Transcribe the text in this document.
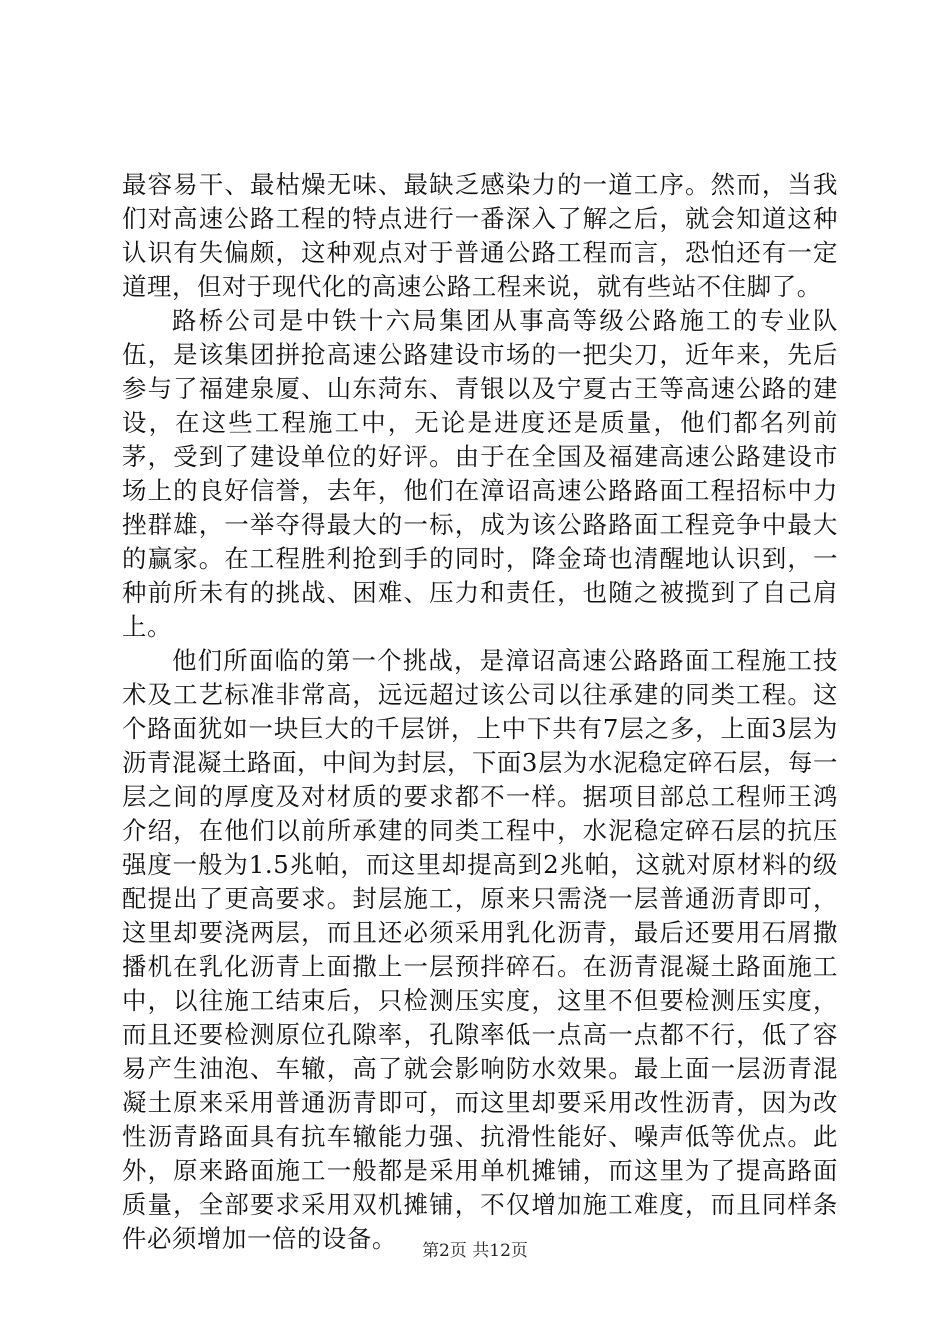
最容易干、最枯燥无味、最缺乏感染力的一道工序。然而，当我们对高速公路工程的特点进行一番深入了解之后，就会知道这种认识有失偏颇，这种观点对于普通公路工程而言，恐怕还有一定道理，但对于现代化的高速公路工程来说，就有些站不住脚了。

路桥公司是中铁十六局集团从事高等级公路施工的专业队伍，是该集团拼抢高速公路建设市场的一把尖刀，近年来，先后参与了福建泉厦、山东菏东、青银以及宁夏古王等高速公路的建设，在这些工程施工中，无论是进度还是质量，他们都名列前茅，受到了建设单位的好评。由于在全国及福建高速公路建设市场上的良好信誉，去年，他们在漳诏高速公路路面工程招标中力挫群雄，一举夺得最大的一标，成为该公路路面工程竞争中最大的赢家。在工程胜利抢到手的同时，降金琦也清醒地认识到，一种前所未有的挑战、困难、压力和责任，也随之被揽到了自己肩上。

他们所面临的第一个挑战，是漳诏高速公路路面工程施工技术及工艺标准非常高，远远超过该公司以往承建的同类工程。这个路面犹如一块巨大的千层饼，上中下共有7层之多，上面3层为沥青混凝土路面，中间为封层，下面3层为水泥稳定碎石层，每一层之间的厚度及对材质的要求都不一样。据项目部总工程师王鸿介绍，在他们以前所承建的同类工程中，水泥稳定碎石层的抗压强度一般为1.5兆帕，而这里却提高到2兆帕，这就对原材料的级配提出了更高要求。封层施工，原来只需浇一层普通沥青即可，这里却要浇两层，而且还必须采用乳化沥青，最后还要用石屑撒播机在乳化沥青上面撒上一层预拌碎石。在沥青混凝土路面施工中，以往施工结束后，只检测压实度，这里不但要检测压实度，而且还要检测原位孔隙率，孔隙率低一点高一点都不行，低了容易产生油泡、车辙，高了就会影响防水效果。最上面一层沥青混凝土原来采用普通沥青即可，而这里却要采用改性沥青，因为改性沥青路面具有抗车辙能力强、抗滑性能好、噪声低等优点。此外，原来路面施工一般都是采用单机摊铺，而这里为了提高路面质量，全部要求采用双机摊铺，不仅增加施工难度，而且同样条件必须增加一倍的设备。	第2页 共12页
